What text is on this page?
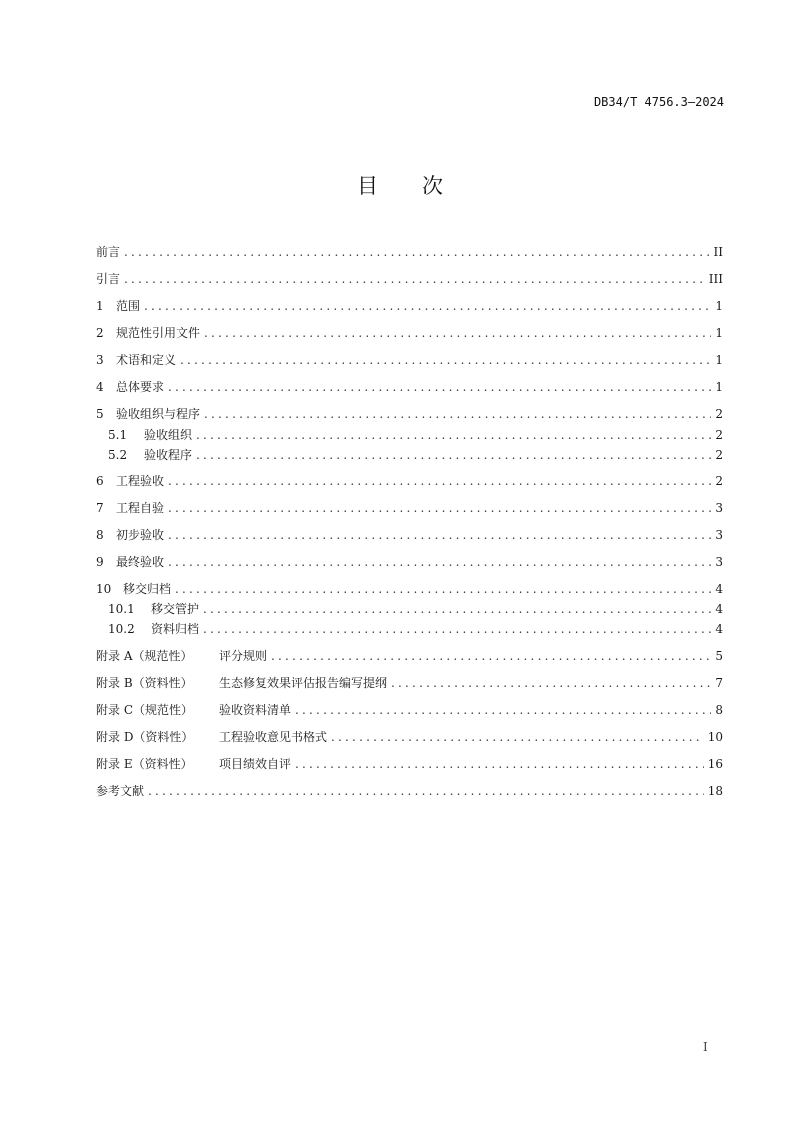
DB34/T 4756.3—2024
目 次
前言 .....	II
引言 .....	III
1	范围 .....	1
2	规范性引用文件 .....	1
3	术语和定义 .....	1
4	总体要求 .....	1
5	验收组织与程序 .....	2
5.1	验收组织 .....	2
5.2	验收程序 .....	2
6	工程验收 .....	2
7	工程自验 .....	3
8	初步验收 .....	3
9	最终验收 .....	3
10 移交归档 .....	4
10.1	移交管护 .....	4
10.2	资料归档 .....	4
附录 A（规范性）	评分规则 .....	5
附录 B（资料性）	生态修复效果评估报告编写提纲 .....	7
附录 C（规范性）	验收资料清单 .....	8
附录 D（资料性）	工程验收意见书格式 .....	10
附录 E（资料性）	项目绩效自评 .....	16
参考文献 .....	18
I
